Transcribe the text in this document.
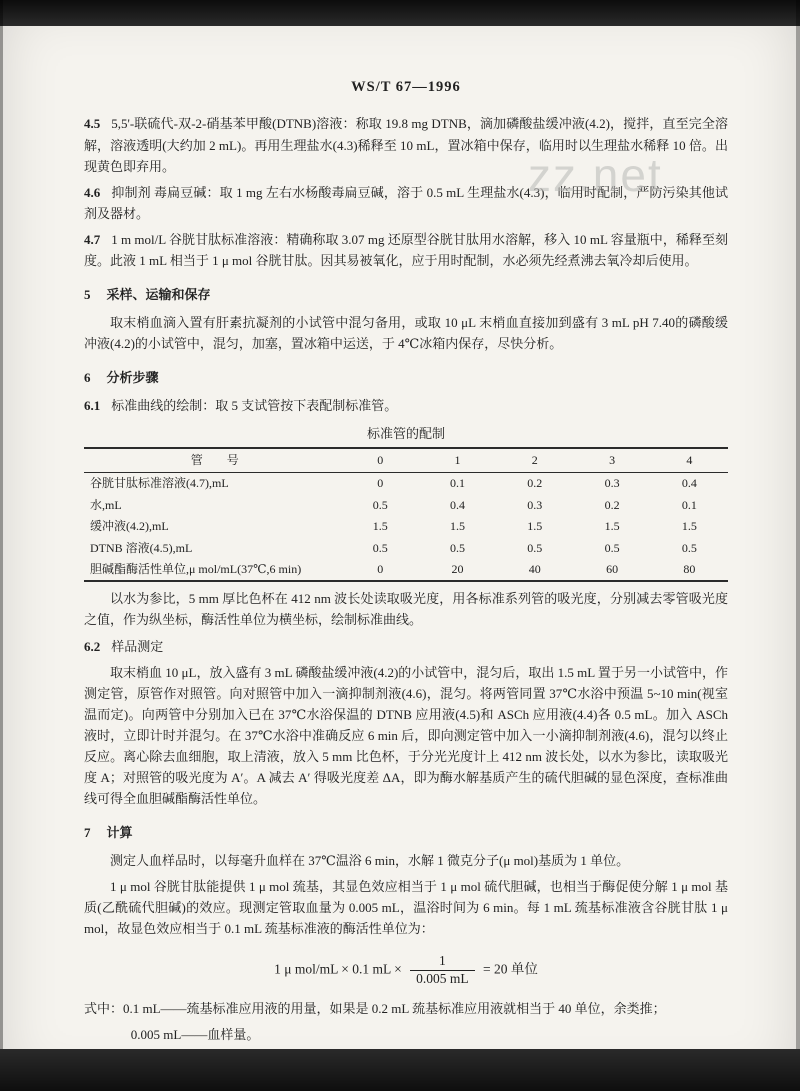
zz.net
WS/T 67—1996

4.5 5,5'-联硫代-双-2-硝基苯甲酸(DTNB)溶液：称取 19.8 mg DTNB，滴加磷酸盐缓冲液(4.2)，搅拌，直至完全溶解，溶液透明(大约加 2 mL)。再用生理盐水(4.3)稀释至 10 mL，置冰箱中保存，临用时以生理盐水稀释 10 倍。出现黄色即弃用。

4.6 抑制剂 毒扁豆碱：取 1 mg 左右水杨酸毒扁豆碱，溶于 0.5 mL 生理盐水(4.3)，临用时配制，严防污染其他试剂及器材。

4.7 1 m mol/L 谷胱甘肽标准溶液：精确称取 3.07 mg 还原型谷胱甘肽用水溶解，移入 10 mL 容量瓶中，稀释至刻度。此液 1 mL 相当于 1 μ mol 谷胱甘肽。因其易被氧化，应于用时配制，水必须先经煮沸去氧冷却后使用。

5 采样、运输和保存

取末梢血滴入置有肝素抗凝剂的小试管中混匀备用，或取 10 μL 末梢血直接加到盛有 3 mL pH 7.40的磷酸缓冲液(4.2)的小试管中，混匀，加塞，置冰箱中运送，于 4℃冰箱内保存，尽快分析。

6 分析步骤

6.1 标准曲线的绘制：取 5 支试管按下表配制标准管。

标准管的配制
管　　号	0	1	2	3	4
谷胱甘肽标准溶液(4.7),mL	0	0.1	0.2	0.3	0.4
水,mL	0.5	0.4	0.3	0.2	0.1
缓冲液(4.2),mL	1.5	1.5	1.5	1.5	1.5
DTNB 溶液(4.5),mL	0.5	0.5	0.5	0.5	0.5
胆碱酯酶活性单位,μ mol/mL(37℃,6 min)	0	20	40	60	80

以水为参比，5 mm 厚比色杯在 412 nm 波长处读取吸光度，用各标准系列管的吸光度，分别减去零管吸光度之值，作为纵坐标，酶活性单位为横坐标，绘制标准曲线。

6.2 样品测定

取末梢血 10 μL，放入盛有 3 mL 磷酸盐缓冲液(4.2)的小试管中，混匀后，取出 1.5 mL 置于另一小试管中，作测定管，原管作对照管。向对照管中加入一滴抑制剂液(4.6)，混匀。将两管同置 37℃水浴中预温 5~10 min(视室温而定)。向两管中分别加入已在 37℃水浴保温的 DTNB 应用液(4.5)和 ASCh 应用液(4.4)各 0.5 mL。加入 ASCh 液时，立即计时并混匀。在 37℃水浴中准确反应 6 min 后，即向测定管中加入一小滴抑制剂液(4.6)，混匀以终止反应。离心除去血细胞，取上清液，放入 5 mm 比色杯，于分光光度计上 412 nm 波长处，以水为参比，读取吸光度 A；对照管的吸光度为 A′。A 减去 A′ 得吸光度差 ΔA，即为酶水解基质产生的硫代胆碱的显色深度，查标准曲线可得全血胆碱酯酶活性单位。

7 计算

测定人血样品时，以每毫升血样在 37℃温浴 6 min，水解 1 微克分子(μ mol)基质为 1 单位。

1 μ mol 谷胱甘肽能提供 1 μ mol 巯基，其显色效应相当于 1 μ mol 硫代胆碱，也相当于酶促使分解 1 μ mol 基质(乙酰硫代胆碱)的效应。现测定管取血量为 0.005 mL，温浴时间为 6 min。每 1 mL 巯基标准液含谷胱甘肽 1 μ mol，故显色效应相当于 0.1 mL 巯基标准液的酶活性单位为：

1 μ mol/mL × 0.1 mL × $\frac{1}{0.005 mL} = 20$ 单位

式中：0.1 mL——巯基标准应用液的用量，如果是 0.2 mL 巯基标准应用液就相当于 40 单位，余类推；

0.005 mL——血样量。
